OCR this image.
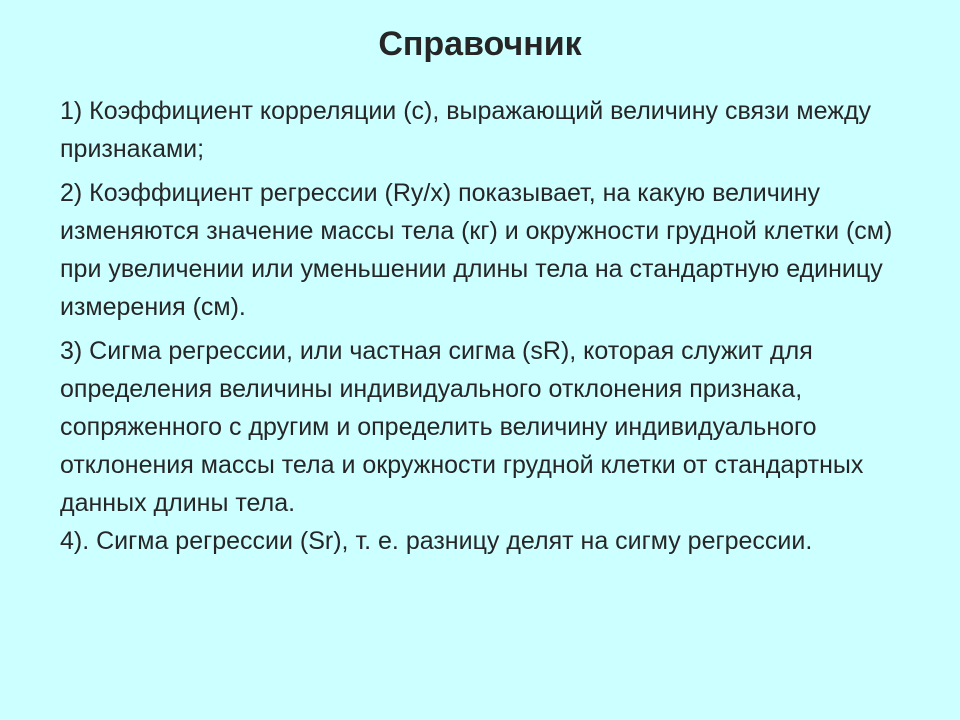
Справочник

1) Коэффициент корреляции (с), выражающий величину связи между признаками;

2) Коэффициент регрессии (Ry/x) показывает, на какую величину изменяются значение массы тела (кг) и окружности грудной клетки (см) при увеличении или уменьшении длины тела на стандартную единицу измерения (см).

3) Сигма регрессии, или частная сигма (sR), которая служит для определения величины индивидуального отклонения признака, сопряженного с другим и определить величину индивидуального отклонения массы тела и окружности грудной клетки от стандартных данных длины тела.

4). Сигма регрессии (Sr), т. е. разницу делят на сигму регрессии.
